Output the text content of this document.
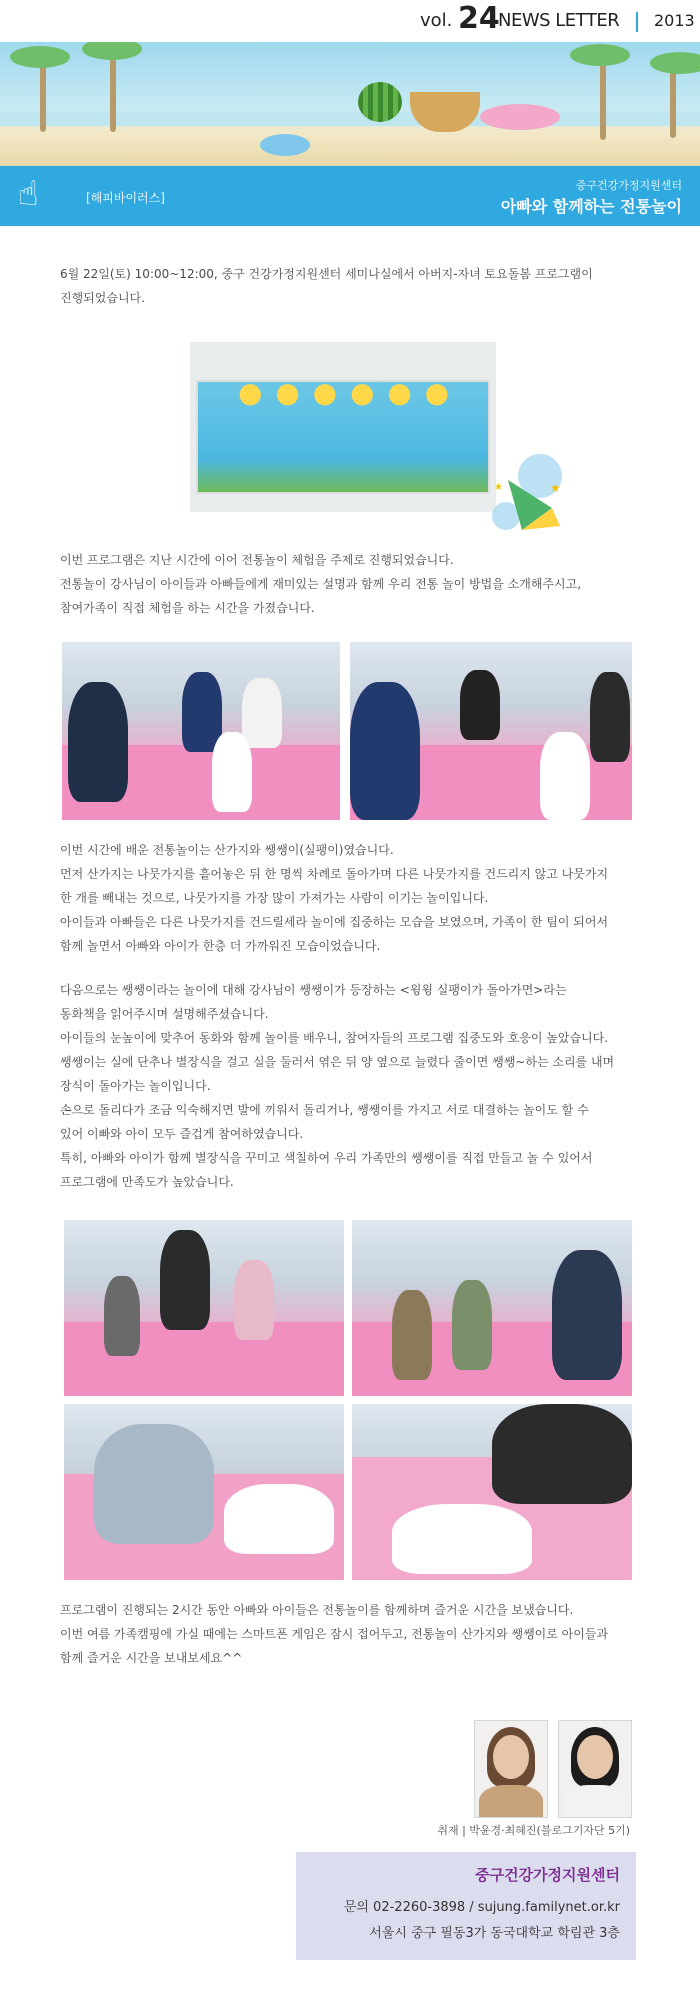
vol. 24
NEWS LETTER 2013
☝	[해피바이러스]
중구건강가정지원센터
아빠와 함께하는 전통놀이
6월 22일(토) 10:00~12:00, 중구 건강가정지원센터 세미나실에서 아버지-자녀 토요돌봄 프로그램이
진행되었습니다.
● ● ● ● ● ●
★
★
이번 프로그램은 지난 시간에 이어 전통놀이 체험을 주제로 진행되었습니다.
전통놀이 강사님이 아이들과 아빠들에게 재미있는 설명과 함께 우리 전통 놀이 방법을 소개해주시고,
참여가족이 직접 체험을 하는 시간을 가졌습니다.
이번 시간에 배운 전통놀이는 산가지와 쌩쌩이(실팽이)였습니다.
먼저 산가지는 나뭇가지를 흩어놓은 뒤 한 명씩 차례로 돌아가며 다른 나뭇가지를 건드리지 않고 나뭇가지
한 개를 빼내는 것으로, 나뭇가지를 가장 많이 가져가는 사람이 이기는 놀이입니다.
아이들과 아빠들은 다른 나뭇가지를 건드릴세라 놀이에 집중하는 모습을 보였으며, 가족이 한 팀이 되어서
함께 놀면서 아빠와 아이가 한층 더 가까워진 모습이었습니다.
다음으로는 쌩쌩이라는 놀이에 대해 강사님이 쌩쌩이가 등장하는 <윙윙 실팽이가 돌아가면>라는
동화책을 읽어주시며 설명해주셨습니다.
아이들의 눈높이에 맞추어 동화와 함께 놀이를 배우니, 참여자들의 프로그램 집중도와 호응이 높았습니다.
쌩쌩이는 실에 단추나 별장식을 걸고 실을 둘러서 엮은 뒤 양 옆으로 늘렸다 줄이면 쌩쌩~하는 소리를 내며
장식이 돌아가는 놀이입니다.
손으로 돌리다가 조금 익숙해지면 발에 끼워서 돌리거나, 쌩쌩이를 가지고 서로 대결하는 놀이도 할 수
있어 이빠와 아이 모두 즐겁게 참여하였습니다.
특히, 아빠와 아이가 함께 별장식을 꾸미고 색칠하여 우리 가족만의 쌩쌩이를 직접 만들고 놀 수 있어서
프로그램에 만족도가 높았습니다.
프로그램이 진행되는 2시간 동안 아빠와 아이들은 전통놀이를 함께하며 즐거운 시간을 보냈습니다.
이번 여름 가족캠핑에 가실 때에는 스마트폰 게임은 잠시 접어두고, 전통놀이 산가지와 쌩쌩이로 아이들과
함께 즐거운 시간을 보내보세요^^
취재 | 박윤경·최혜진(블로그기자단 5기)
중구건강가정지원센터
문의 02-2260-3898 / sujung.familynet.or.kr
서울시 중구 필동3가 동국대학교 학림관 3층
